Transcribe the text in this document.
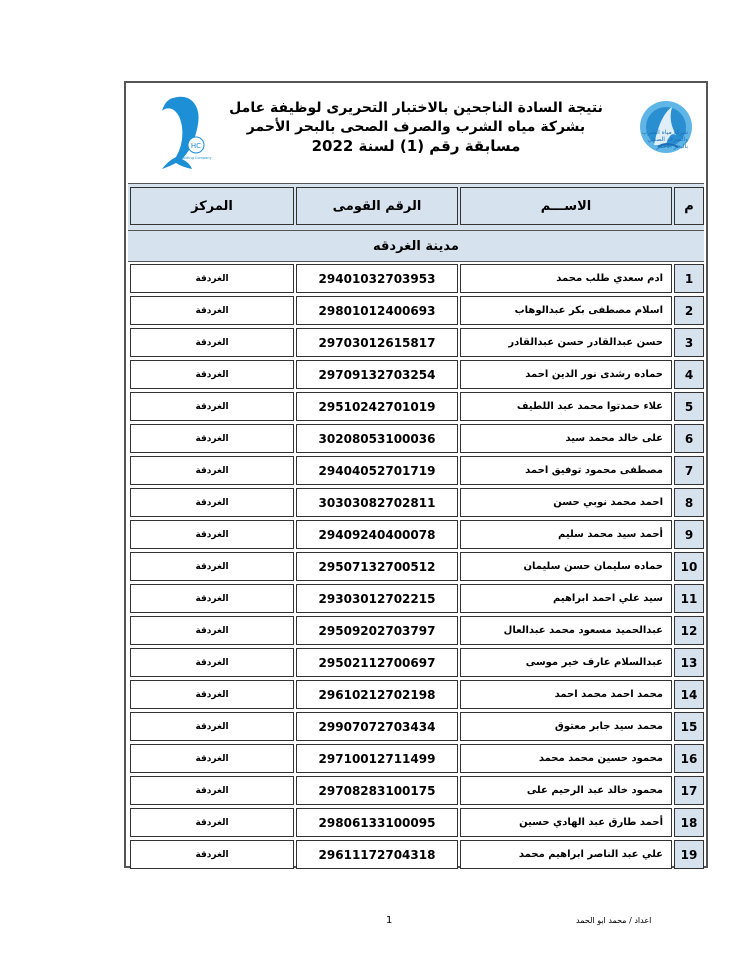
شركة مياه الشرب والصرف الصحي بالبحر الأحمر
نتيجة السادة الناجحين بالاختبار التحريرى لوظيفة عامل
بشركة مياه الشرب والصرف الصحى بالبحر الأحمر
مسابقة رقم (1) لسنة 2022
HC
Holding Company
المركز	الرقم القومى	الاســـم	م
مدينة الغردقه
الغردقة	29401032703953	ادم سعدي طلب محمد	1
الغردقة	29801012400693	اسلام مصطفى بكر عبدالوهاب	2
الغردقة	29703012615817	حسن عبدالقادر حسن عبدالقادر	3
الغردقة	29709132703254	حماده رشدى نور الدين احمد	4
الغردقة	29510242701019	علاء حمدتوا محمد عبد اللطيف	5
الغردقة	30208053100036	على خالد محمد سيد	6
الغردقة	29404052701719	مصطفى محمود توفيق احمد	7
الغردقة	30303082702811	احمد محمد نوبي حسن	8
الغردقة	29409240400078	أحمد سيد محمد سليم	9
الغردقة	29507132700512	حماده سليمان حسن سليمان	10
الغردقة	29303012702215	سيد علي احمد ابراهيم	11
الغردقة	29509202703797	عبدالحميد مسعود محمد عبدالعال	12
الغردقة	29502112700697	عبدالسلام عارف خير موسى	13
الغردقة	29610212702198	محمد احمد محمد احمد	14
الغردقة	29907072703434	محمد سيد جابر معتوق	15
الغردقة	29710012711499	محمود حسين محمد محمد	16
الغردقة	29708283100175	محمود خالد عبد الرحيم على	17
الغردقة	29806133100095	أحمد طارق عبد الهادي حسين	18
الغردقة	29611172704318	علي عبد الناصر ابراهيم محمد	19
1	اعداد / محمد ابو الحمد
